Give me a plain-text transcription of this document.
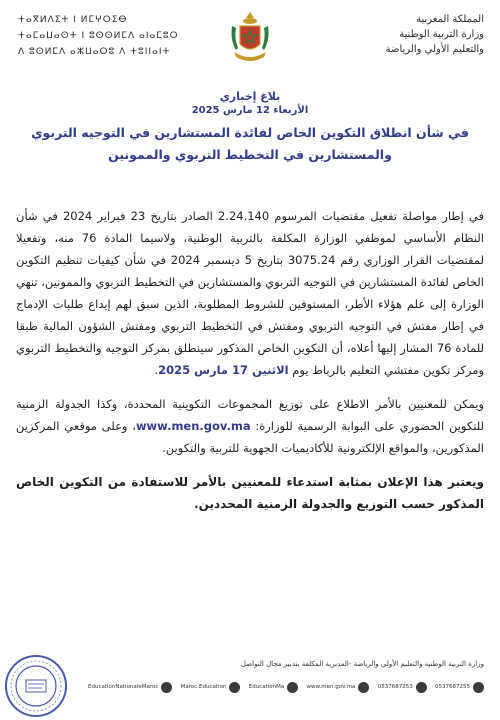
المملكة المغربية
وزارة التربية الوطنية
والتعليم الأولي والرياضة
ⵜⴰⴳⵍⴷⵉⵜ ⵏ ⵍⵎⵖⵔⵉⴱ
ⵜⴰⵎⴰⵡⴰⵙⵜ ⵏ ⵓⵙⵙⵍⵎⴷ ⴰⵏⴰⵎⵓⵔ
ⴷ ⵓⵙⵍⵎⴷ ⴰⵣⵡⴰⵔⵓ ⴷ ⵜⵓⵏⵏⴰⵏⵜ
بلاغ إخباري
الأربعاء 12 مارس 2025
في شأن انطلاق التكوين الخاص لفائدة المستشارين في التوجيه التربوي
والمستشارين في التخطيط التربوي والممونين

في إطار مواصلة تفعيل مقتضيات المرسوم 2.24.140 الصادر بتاريخ 23 فبراير 2024 في شأن النظام الأساسي لموظفي الوزارة المكلفة بالتربية الوطنية، ولاسيما المادة 76 منه، وتفعيلا لمقتضيات القرار الوزاري رقم 3075.24 بتاريخ 5 ديسمبر 2024 في شأن كيفيات تنظيم التكوين الخاص لفائدة المستشارين في التوجيه التربوي والمستشارين في التخطيط التربوي والممونين، تنهي الوزارة إلى علم هؤلاء الأطر، المستوفين للشروط المطلوبة، الذين سبق لهم إيداع طلبات الإدماج في إطار مفتش في التوجيه التربوي ومفتش في التخطيط التربوي ومفتش الشؤون المالية طبقا للمادة 76 المشار إليها أعلاه، أن التكوين الخاص المذكور سينطلق بمركز التوجيه والتخطيط التربوي ومركز تكوين مفتشي التعليم بالرباط يوم الاثنين 17 مارس 2025.

ويمكن للمعنيين بالأمر الاطلاع على توزيع المجموعات التكوينية المحددة، وكذا الجدولة الزمنية للتكوين الحضوري على البوابة الرسمية للوزارة: www.men.gov.ma، وعلى موقعي المركزين المذكورين، والمواقع الإلكترونية للأكاديميات الجهوية للتربية والتكوين.

ويعتبر هذا الإعلان بمثابة استدعاء للمعنيين بالأمر للاستفادة من التكوين الخاص المذكور حسب التوزيع والجدولة الزمنية المحددين.

وزارة التربية الوطنية والتعليم الأولي والرياضة -المديرية المكلفة بتدبير مجال التواصل
0537687255
0537687253
www.men.gov.ma
EducationMa
Maroc.Education
EducationNationaleMaroc
